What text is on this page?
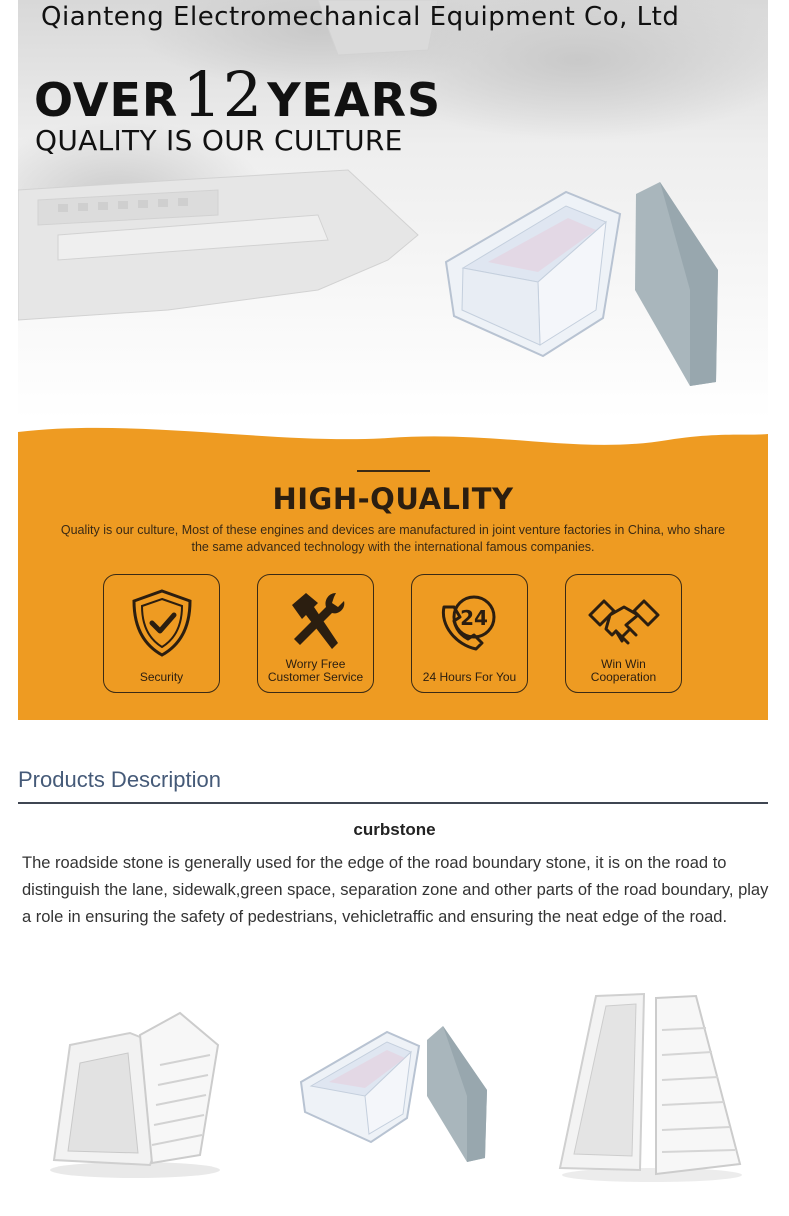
Qianteng Electromechanical Equipment Co, Ltd
OVER12YEARS
QUALITY IS OUR CULTURE
HIGH-QUALITY
Quality is our culture, Most of these engines and devices are manufactured in joint venture factories in China, who share the same advanced technology with the international famous companies.
Security
Worry Free
Customer Service
24
24 Hours For You
Win Win
Cooperation
Products Description
curbstone
The roadside stone is generally used for the edge of the road boundary stone, it is on the road to distinguish the lane, sidewalk,green space, separation zone and other parts of the road boundary, play a role in ensuring the safety of pedestrians, vehicletraffic and ensuring the neat edge of the road.
